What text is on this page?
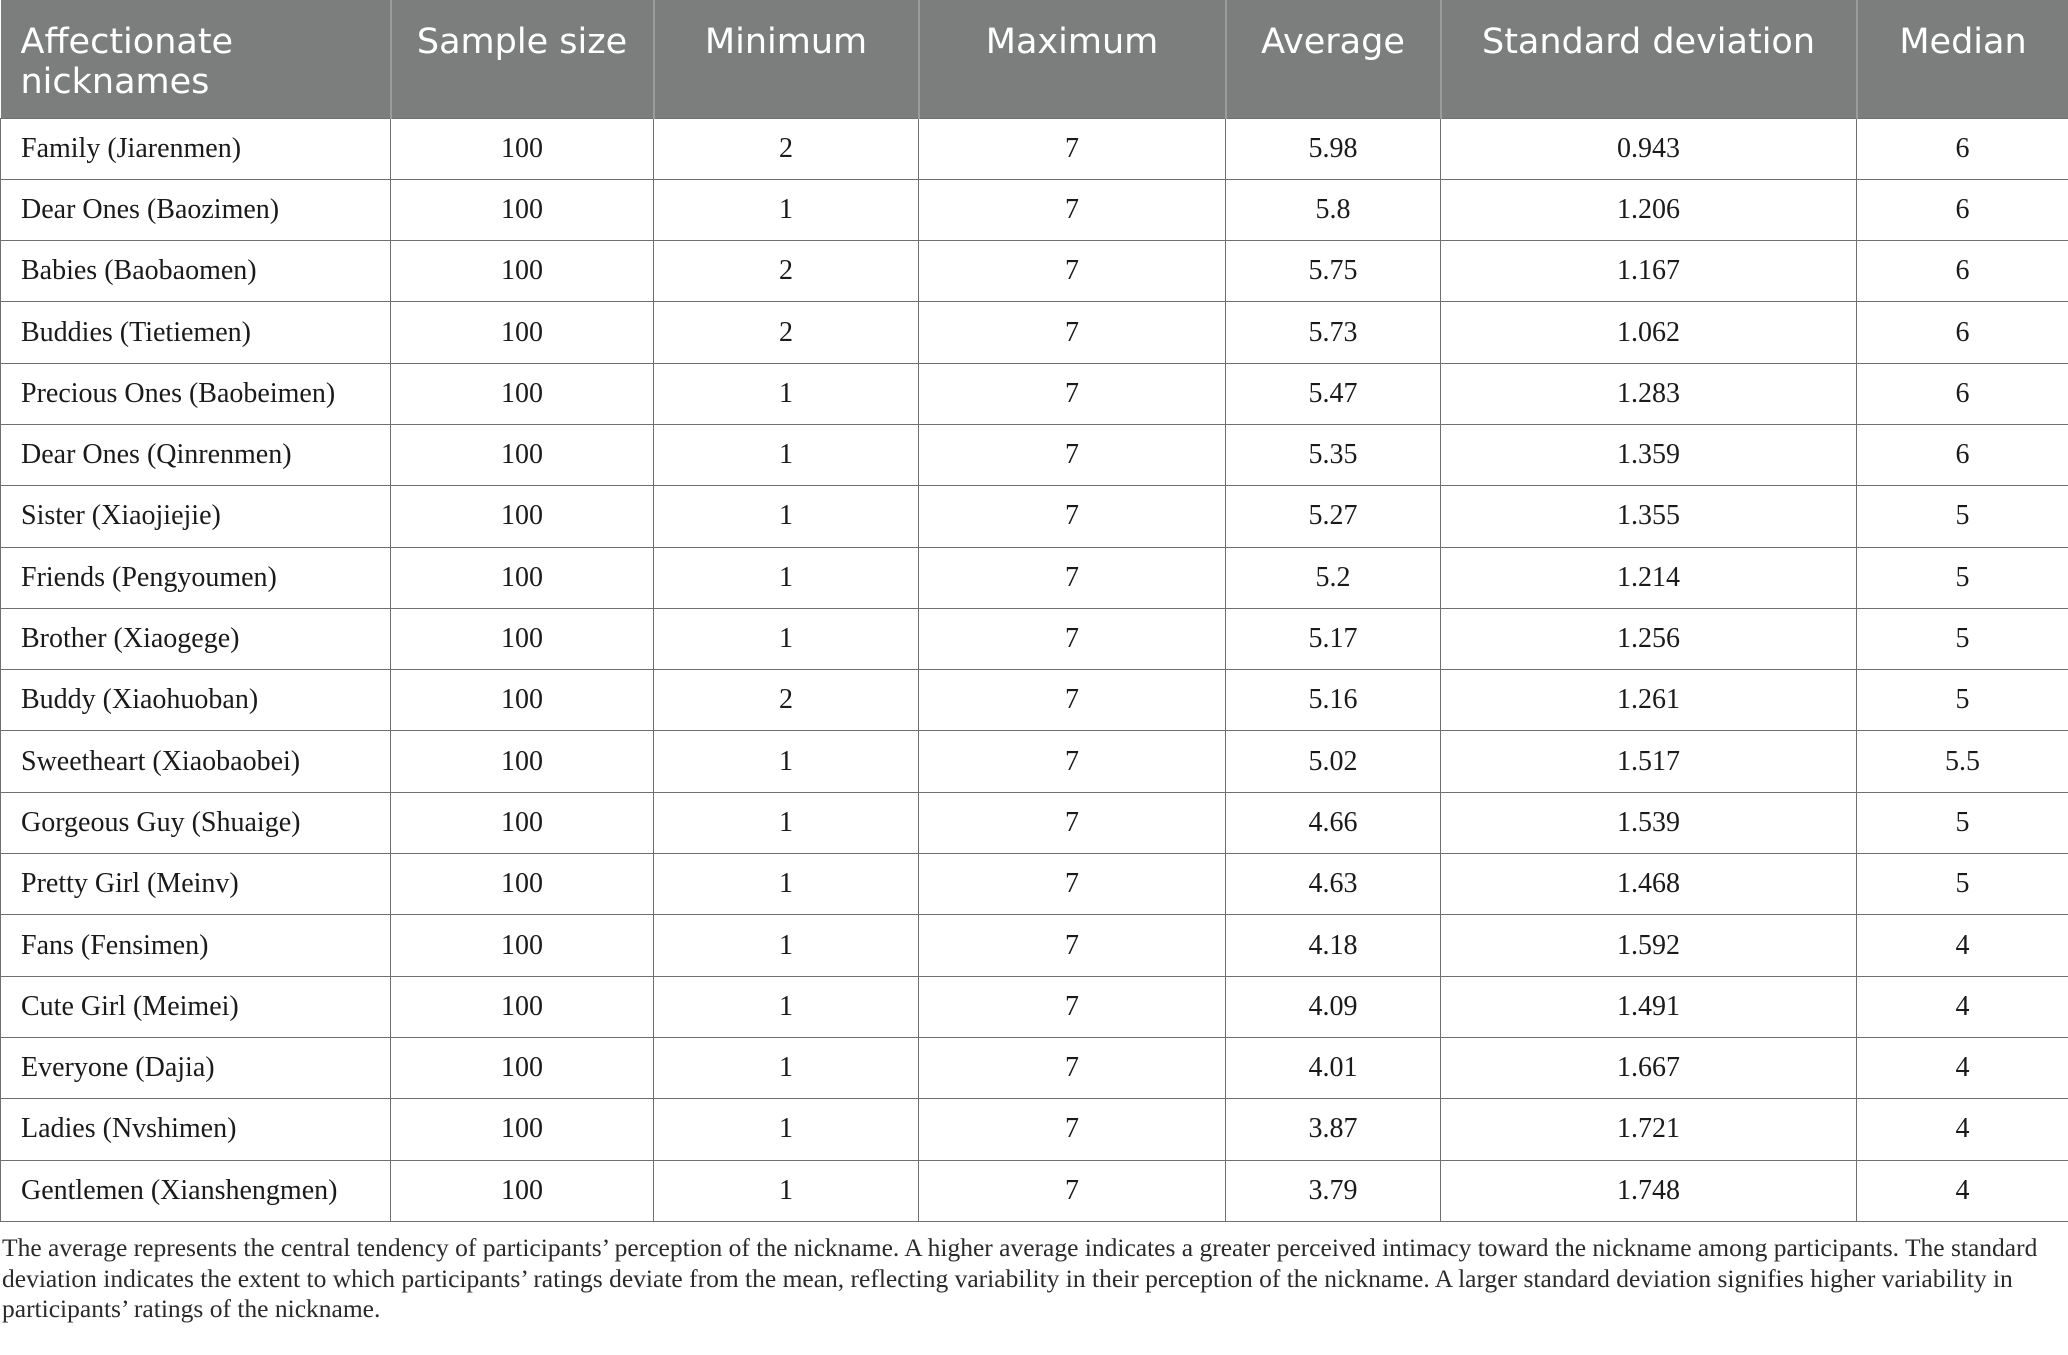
Affectionate nicknames	Sample size	Minimum	Maximum	Average	Standard deviation	Median
Family (Jiarenmen)	100	2	7	5.98	0.943	6
Dear Ones (Baozimen)	100	1	7	5.8	1.206	6
Babies (Baobaomen)	100	2	7	5.75	1.167	6
Buddies (Tietiemen)	100	2	7	5.73	1.062	6
Precious Ones (Baobeimen)	100	1	7	5.47	1.283	6
Dear Ones (Qinrenmen)	100	1	7	5.35	1.359	6
Sister (Xiaojiejie)	100	1	7	5.27	1.355	5
Friends (Pengyoumen)	100	1	7	5.2	1.214	5
Brother (Xiaogege)	100	1	7	5.17	1.256	5
Buddy (Xiaohuoban)	100	2	7	5.16	1.261	5
Sweetheart (Xiaobaobei)	100	1	7	5.02	1.517	5.5
Gorgeous Guy (Shuaige)	100	1	7	4.66	1.539	5
Pretty Girl (Meinv)	100	1	7	4.63	1.468	5
Fans (Fensimen)	100	1	7	4.18	1.592	4
Cute Girl (Meimei)	100	1	7	4.09	1.491	4
Everyone (Dajia)	100	1	7	4.01	1.667	4
Ladies (Nvshimen)	100	1	7	3.87	1.721	4
Gentlemen (Xianshengmen)	100	1	7	3.79	1.748	4

The average represents the central tendency of participants’ perception of the nickname. A higher average indicates a greater perceived intimacy toward the nickname among participants. The standard deviation indicates the extent to which participants’ ratings deviate from the mean, reflecting variability in their perception of the nickname. A larger standard deviation signifies higher variability in participants’ ratings of the nickname.
